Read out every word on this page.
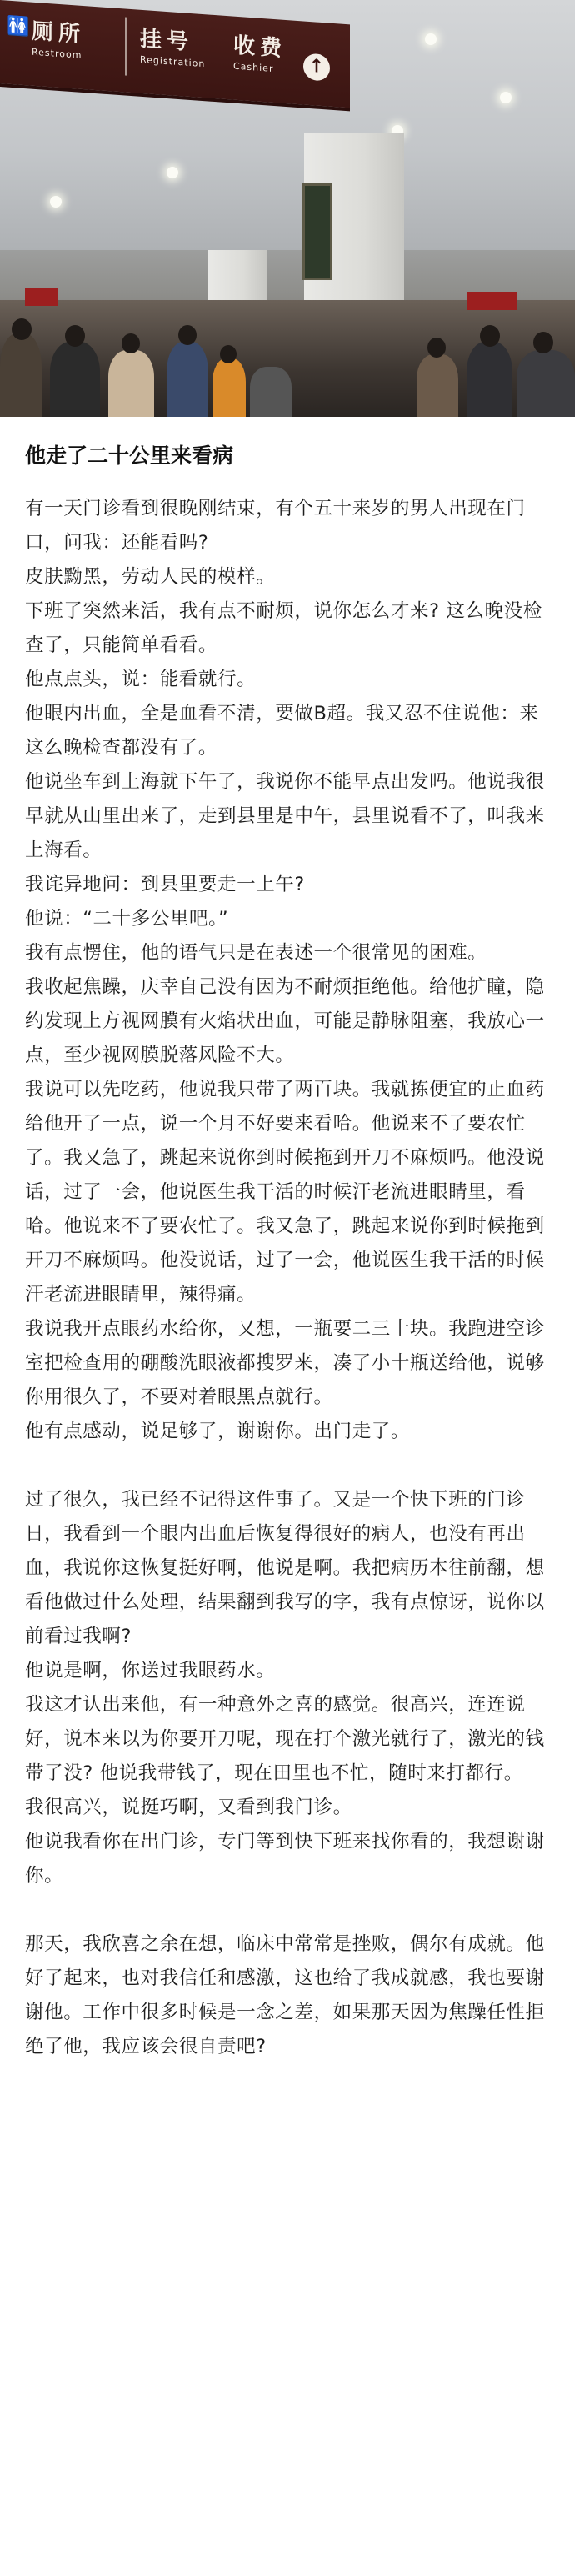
🚻 厕所
Restroom	挂号
Registration 收费
Cashier	↑
他走了二十公里来看病

有一天门诊看到很晚刚结束，有个五十来岁的男人出现在门口，问我：还能看吗?

皮肤黝黑，劳动人民的模样。

下班了突然来活，我有点不耐烦，说你怎么才来? 这么晚没检查了，只能简单看看。

他点点头，说：能看就行。

他眼内出血，全是血看不清，要做B超。我又忍不住说他：来这么晚检查都没有了。

他说坐车到上海就下午了，我说你不能早点出发吗。他说我很早就从山里出来了，走到县里是中午，县里说看不了，叫我来上海看。

我诧异地问：到县里要走一上午?

他说：“二十多公里吧。”

我有点愣住，他的语气只是在表述一个很常见的困难。

我收起焦躁，庆幸自己没有因为不耐烦拒绝他。给他扩瞳，隐约发现上方视网膜有火焰状出血，可能是静脉阻塞，我放心一点，至少视网膜脱落风险不大。

我说可以先吃药，他说我只带了两百块。我就拣便宜的止血药给他开了一点，说一个月不好要来看哈。他说来不了要农忙了。我又急了，跳起来说你到时候拖到开刀不麻烦吗。他没说话，过了一会，他说医生我干活的时候汗老流进眼睛里，看哈。他说来不了要农忙了。我又急了，跳起来说你到时候拖到开刀不麻烦吗。他没说话，过了一会，他说医生我干活的时候汗老流进眼睛里，辣得痛。

我说我开点眼药水给你，又想，一瓶要二三十块。我跑进空诊室把检查用的硼酸洗眼液都搜罗来，凑了小十瓶送给他，说够你用很久了，不要对着眼黑点就行。

他有点感动，说足够了，谢谢你。出门走了。

过了很久，我已经不记得这件事了。又是一个快下班的门诊日，我看到一个眼内出血后恢复得很好的病人，也没有再出血，我说你这恢复挺好啊，他说是啊。我把病历本往前翻，想看他做过什么处理，结果翻到我写的字，我有点惊讶，说你以前看过我啊?

他说是啊，你送过我眼药水。

我这才认出来他，有一种意外之喜的感觉。很高兴，连连说好，说本来以为你要开刀呢，现在打个激光就行了，激光的钱带了没? 他说我带钱了，现在田里也不忙，随时来打都行。

我很高兴，说挺巧啊，又看到我门诊。

他说我看你在出门诊，专门等到快下班来找你看的，我想谢谢你。

那天，我欣喜之余在想，临床中常常是挫败，偶尔有成就。他好了起来，也对我信任和感激，这也给了我成就感，我也要谢谢他。工作中很多时候是一念之差，如果那天因为焦躁任性拒绝了他，我应该会很自责吧?
